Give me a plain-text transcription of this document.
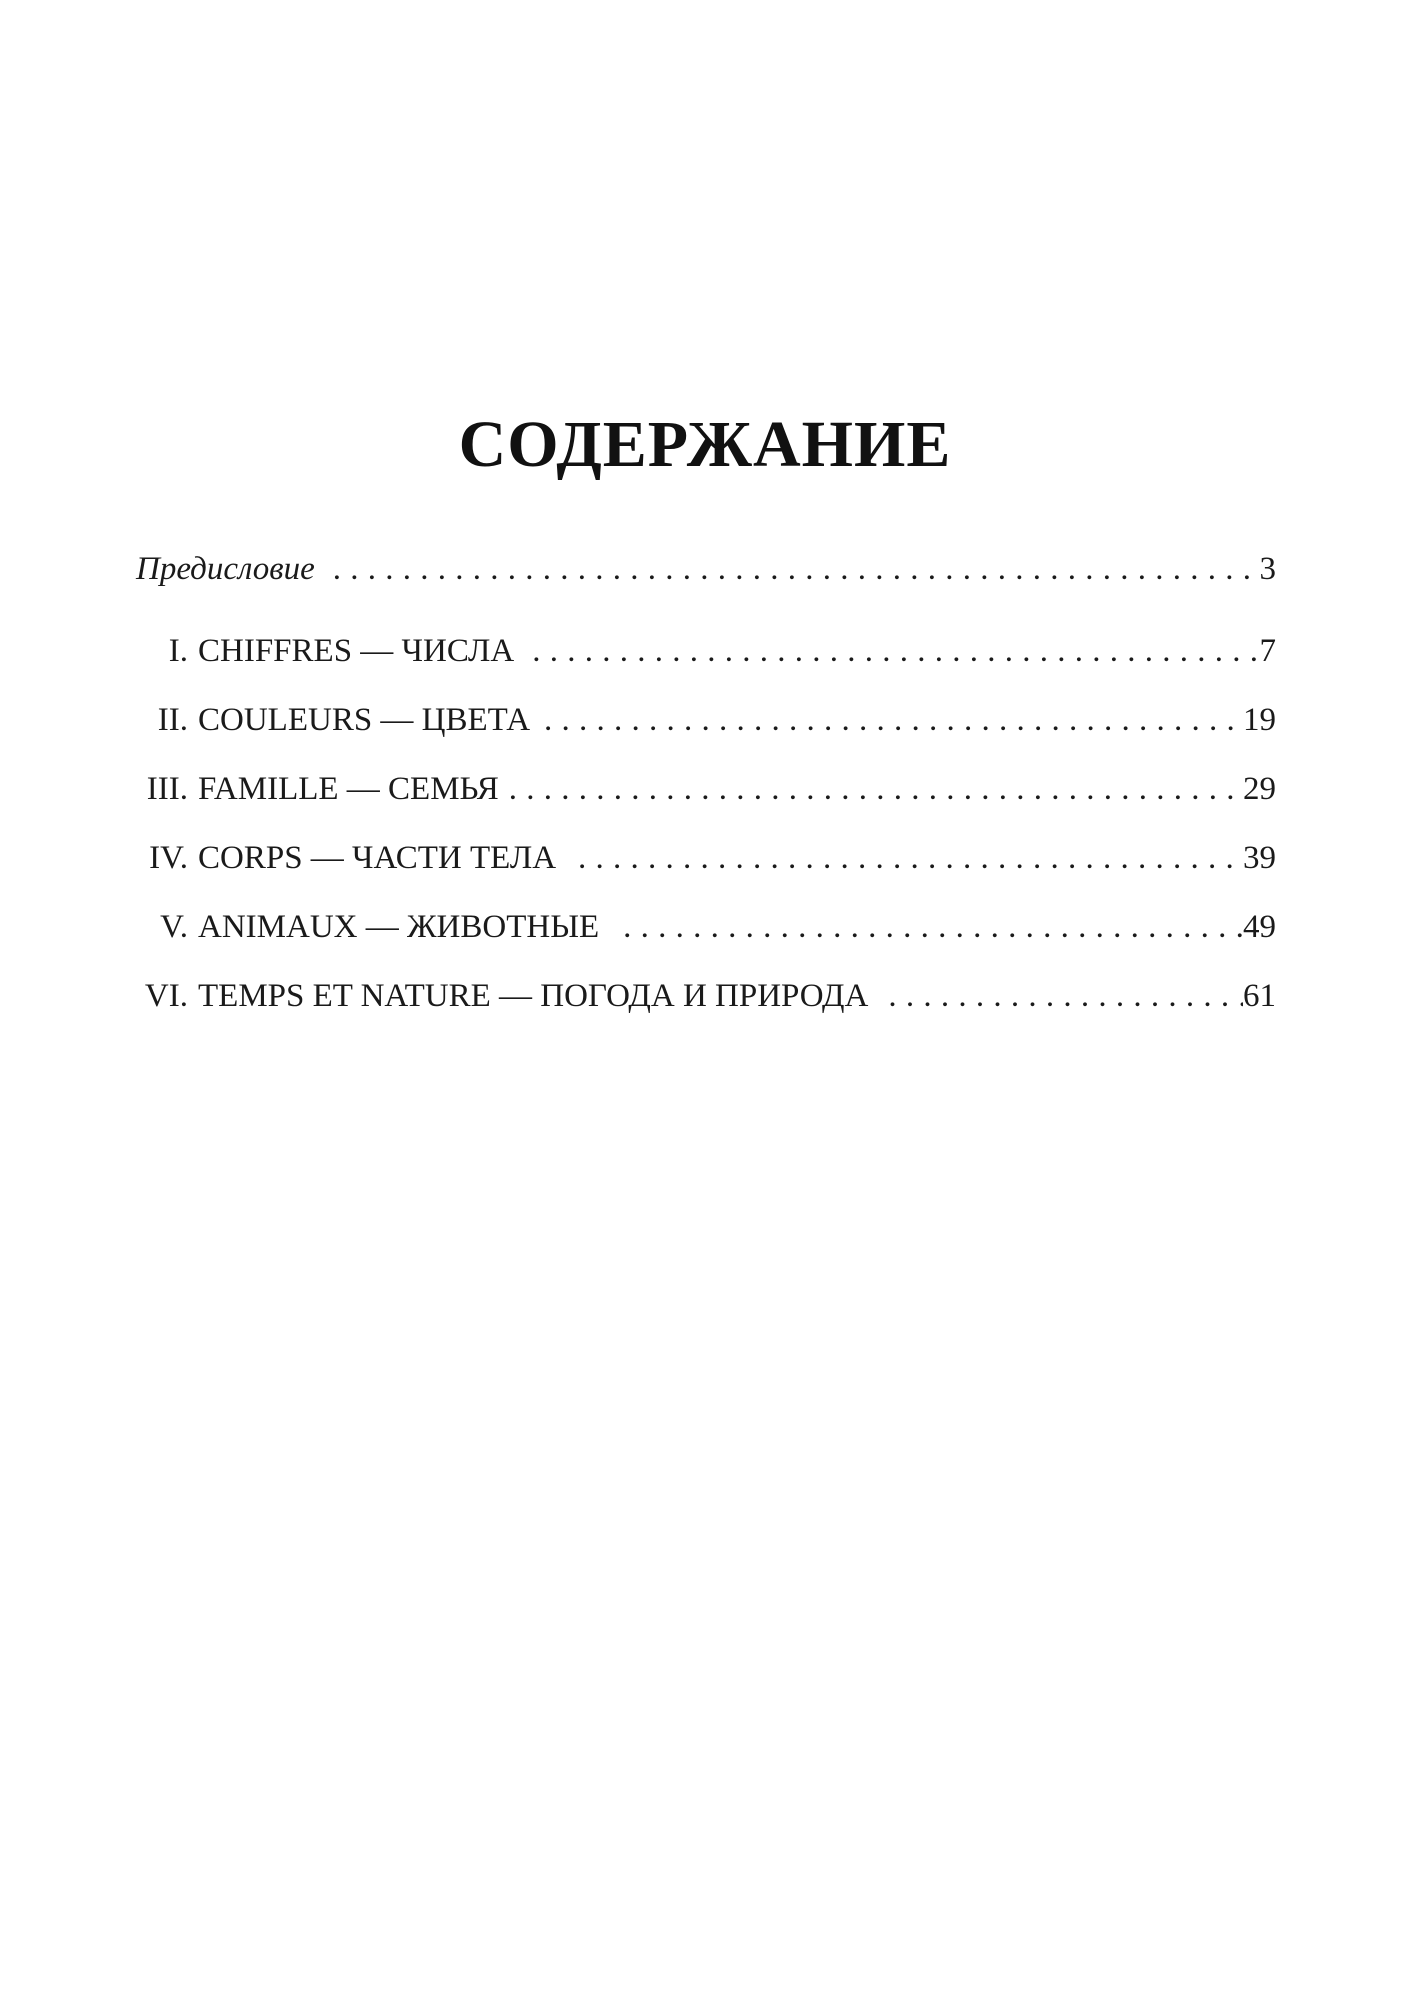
СОДЕРЖАНИЕ
Предисловие . . .	3
I. CHIFFRES — ЧИСЛА . . .	7
II. COULEURS — ЦВЕТА . . .	19
III. FAMILLE — СЕМЬЯ . . .	29
IV. CORPS — ЧАСТИ ТЕЛА . . .	39
V. ANIMAUX — ЖИВОТНЫЕ . . .	49
VI. TEMPS ET NATURE — ПОГОДА И ПРИРОДА . . .	61
